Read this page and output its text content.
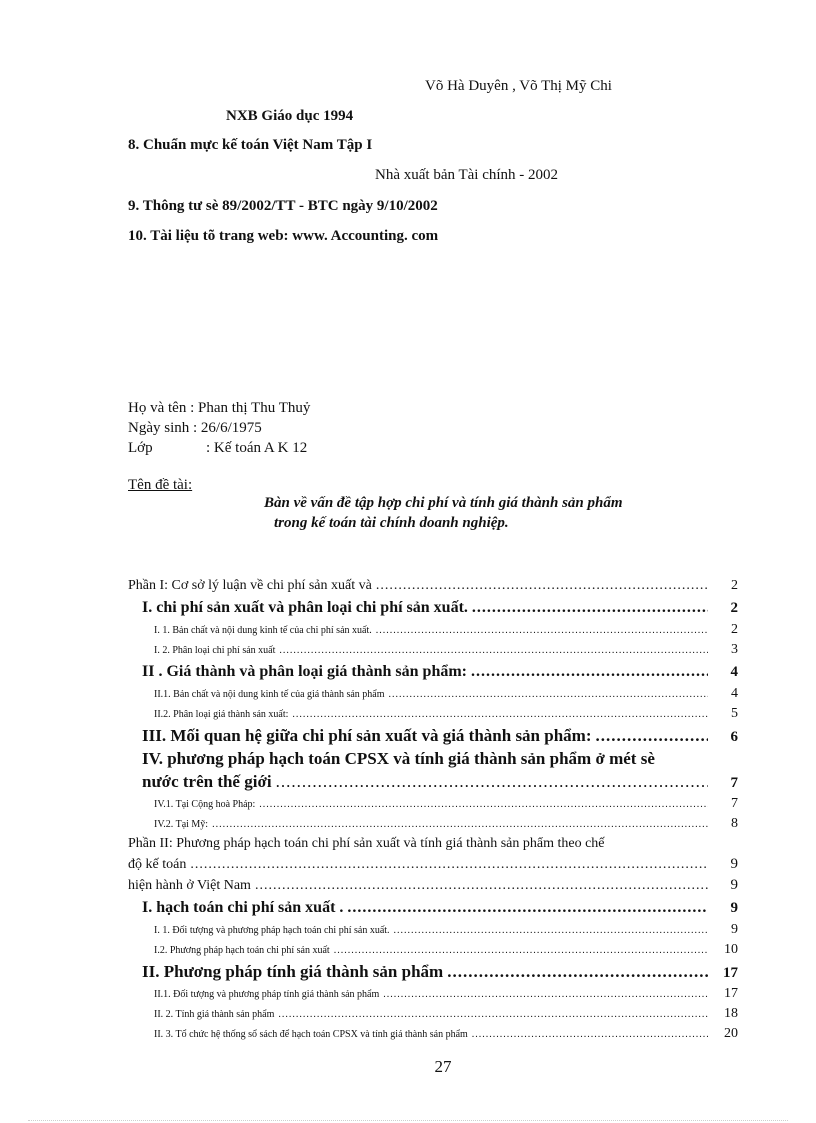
Võ Hà Duyên , Võ Thị Mỹ Chi
NXB Giáo dục 1994
8. Chuẩn mực kế toán Việt Nam Tập I
Nhà xuất bản Tài chính - 2002
9. Thông tư sè 89/2002/TT - BTC ngày 9/10/2002
10. Tài liệu tõ trang web: www. Accounting. com
Họ và tên : Phan thị Thu Thuỷ
Ngày sinh : 26/6/1975
Lớp	: Kế toán A K 12
Tên đề tài:
Bàn về vấn đề tập hợp chi phí và tính giá thành sản phẩm
trong kế toán tài chính doanh nghiệp.
Phần I: Cơ sở lý luận về chi phí sản xuất và .....	2
I. chi phí sản xuất và phân loại chi phí sản xuất. .....	2
I. 1. Bản chất và nội dung kinh tế của chi phí sản xuất. .....	2
I. 2. Phân loại chi phí sản xuất .....	3
II . Giá thành và phân loại giá thành sản phẩm: .....	4
II.1. Bản chất và nội dung kinh tế của giá thành sản phẩm .....	4
II.2. Phân loại giá thành sản xuất: .....	5
III. Mối quan hệ giữa chi phí sản xuất và giá thành sản phẩm: .....	6
IV. phương pháp hạch toán CPSX và tính giá thành sản phẩm ở mét sè
nước trên thế giới .....	7
IV.1. Tại Cộng hoà Pháp: .....	7
IV.2. Tại Mỹ: .....	8
Phần II: Phương pháp hạch toán chi phí sản xuất và tính giá thành sản phẩm theo chế
độ kế toán .....	9
hiện hành ở Việt Nam .....	9
I. hạch toán chi phí sản xuất . .....	9
I. 1. Đối tượng và phương pháp hạch toán chi phí sản xuất. .....	9
I.2. Phương pháp hạch toán chi phí sản xuất .....	10
II. Phương pháp tính giá thành sản phẩm .....	17
II.1. Đối tượng và phương pháp tính giá thành sản phẩm .....	17
II. 2. Tính giá thành sản phẩm .....	18
II. 3. Tổ chức hệ thống sổ sách để hạch toán CPSX và tính giá thành sản phẩm .....	20
27
